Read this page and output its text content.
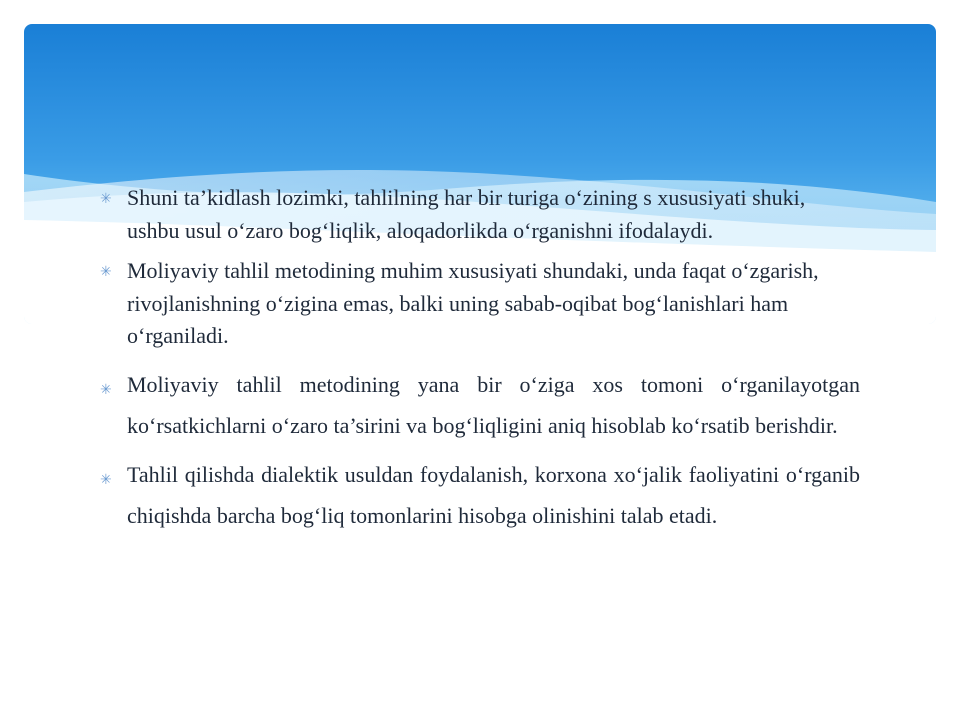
✳ Shuni ta’kidlash lozimki, tahlilning har bir turiga o‘zining s xususiyati shuki, ushbu usul o‘zaro bog‘liqlik, aloqadorlikda o‘rganishni ifodalaydi.
✳ Moliyaviy tahlil metodining muhim xususiyati shundaki, unda faqat o‘zgarish, rivojlanishning o‘zigina emas, balki uning sabab-oqibat bog‘lanishlari ham o‘rganiladi.
✳ Moliyaviy tahlil metodining yana bir o‘ziga xos tomoni o‘rganilayotgan ko‘rsatkichlarni o‘zaro ta’sirini va bog‘liqligini aniq hisoblab ko‘rsatib berishdir.
✳ Tahlil qilishda dialektik usuldan foydalanish, korxona xo‘jalik faoliyatini o‘rganib chiqishda barcha bog‘liq tomonlarini hisobga olinishini talab etadi.
